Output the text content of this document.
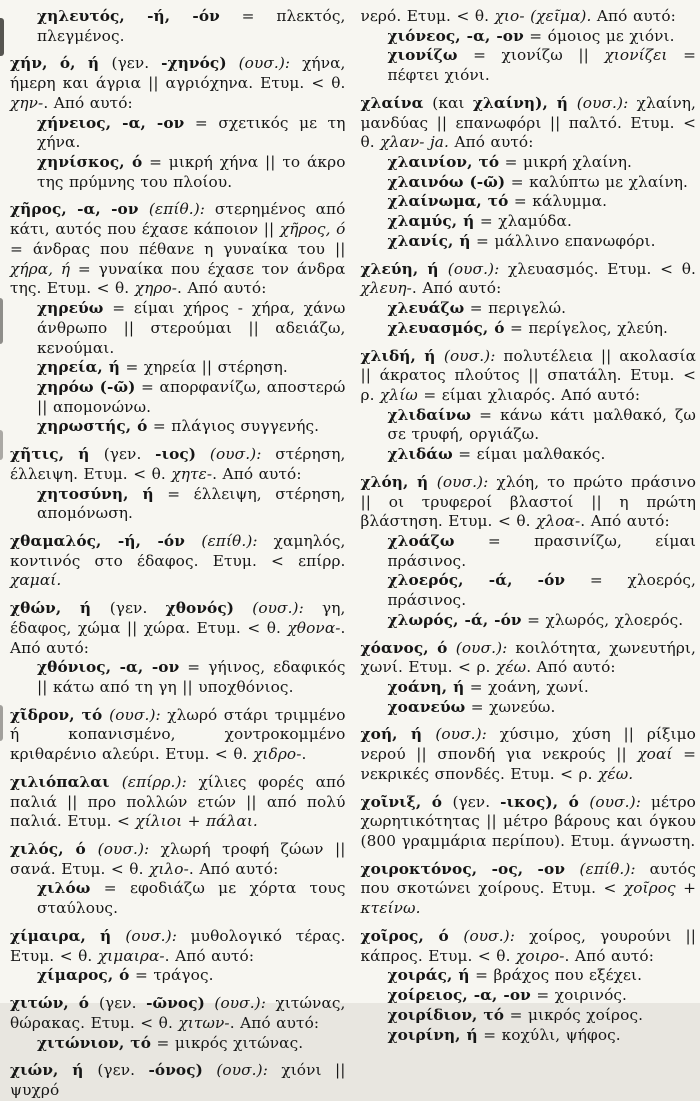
χηλευτός, -ή, -όν = πλεκτός, πλεγμένος.

χήν, ό, ή (γεν. -χηνός) (ουσ.): χήνα, ήμερη και άγρια || αγριόχηνα. Ετυμ. < θ. χην-. Από αυτό:

χήνειος, -α, -ον = σχετικός με τη χήνα.

χηνίσκος, ό = μικρή χήνα || το άκρο της πρύμνης του πλοίου.

χῆρος, -α, -ον (επίθ.): στερημένος από κάτι, αυτός που έχασε κάποιον || χῆρος, ό = άνδρας που πέθανε η γυναίκα του || χήρα, ή = γυναίκα που έχασε τον άνδρα της. Ετυμ. < θ. χηρο-. Από αυτό:

χηρεύω = είμαι χήρος - χήρα, χάνω άνθρωπο || στερούμαι || αδειάζω, κενούμαι.

χηρεία, ή = χηρεία || στέρηση.

χηρόω (-ῶ) = απορφανίζω, αποστερώ || απομονώνω.

χηρωστής, ό = πλάγιος συγγενής.

χῆτις, ή (γεν. -ιος) (ουσ.): στέρηση, έλλειψη. Ετυμ. < θ. χητε-. Από αυτό:

χητοσύνη, ή = έλλειψη, στέρηση, απομόνωση.

χθαμαλός, -ή, -όν (επίθ.): χαμηλός, κοντινός στο έδαφος. Ετυμ. < επίρρ. χαμαί.

χθών, ή (γεν. χθονός) (ουσ.): γη, έδαφος, χώμα || χώρα. Ετυμ. < θ. χθονα-. Από αυτό:

χθόνιος, -α, -ον = γήινος, εδαφικός || κάτω από τη γη || υποχθόνιος.

χῖδρον, τό (ουσ.): χλωρό στάρι τριμμένο ή κοπανισμένο, χοντροκομμένο κριθαρένιο αλεύρι. Ετυμ. < θ. χιδρο-.

χιλιόπαλαι (επίρρ.): χίλιες φορές από παλιά || προ πολλών ετών || από πολύ παλιά. Ετυμ. < χίλιοι + πάλαι.

χιλός, ό (ουσ.): χλωρή τροφή ζώων || σανά. Ετυμ. < θ. χιλο-. Από αυτό:

χιλόω = εφοδιάζω με χόρτα τους σταύλους.

χίμαιρα, ή (ουσ.): μυθολογικό τέρας. Ετυμ. < θ. χιμαιρα-. Από αυτό:

χίμαρος, ό = τράγος.

χιτών, ό (γεν. -ῶνος) (ουσ.): χιτώνας, θώρακας. Ετυμ. < θ. χιτων-. Από αυτό:

χιτώνιον, τό = μικρός χιτώνας.

χιών, ή (γεν. -όνος) (ουσ.): χιόνι || ψυχρό

νερό. Ετυμ. < θ. χιο- (χεῖμα). Από αυτό:

χιόνεος, -α, -ον = όμοιος με χιόνι.

χιονίζω = χιονίζω || χιονίζει = πέφτει χιόνι.

χλαίνα (και χλαίνη), ή (ουσ.): χλαίνη, μανδύας || επανωφόρι || παλτό. Ετυμ. < θ. χλαν- ja. Από αυτό:

χλαινίον, τό = μικρή χλαίνη.

χλαινόω (-ῶ) = καλύπτω με χλαίνη.

χλαίνωμα, τό = κάλυμμα.

χλαμύς, ή = χλαμύδα.

χλανίς, ή = μάλλινο επανωφόρι.

χλεύη, ή (ουσ.): χλευασμός. Ετυμ. < θ. χλευη-. Από αυτό:

χλευάζω = περιγελώ.

χλευασμός, ό = περίγελος, χλεύη.

χλιδή, ή (ουσ.): πολυτέλεια || ακολασία || άκρατος πλούτος || σπατάλη. Ετυμ. < ρ. χλίω = είμαι χλιαρός. Από αυτό:

χλιδαίνω = κάνω κάτι μαλθακό, ζω σε τρυφή, οργιάζω.

χλιδάω = είμαι μαλθακός.

χλόη, ή (ουσ.): χλόη, το πρώτο πράσινο || οι τρυφεροί βλαστοί || η πρώτη βλάστηση. Ετυμ. < θ. χλοα-. Από αυτό:

χλοάζω = πρασινίζω, είμαι πράσινος.

χλοερός, -ά, -όν = χλοερός, πράσινος.

χλωρός, -ά, -όν = χλωρός, χλοερός.

χόανος, ό (ουσ.): κοιλότητα, χωνευτήρι, χωνί. Ετυμ. < ρ. χέω. Από αυτό:

χοάνη, ή = χοάνη, χωνί.

χοανεύω = χωνεύω.

χοή, ή (ουσ.): χύσιμο, χύση || ρίξιμο νερού || σπονδή για νεκρούς || χοαί = νεκρικές σπονδές. Ετυμ. < ρ. χέω.

χοῖνιξ, ό (γεν. -ικος), ό (ουσ.): μέτρο χωρητικότητας || μέτρο βάρους και όγκου (800 γραμμάρια περίπου). Ετυμ. άγνωστη.

χοιροκτόνος, -ος, -ον (επίθ.): αυτός που σκοτώνει χοίρους. Ετυμ. < χοῖρος + κτείνω.

χοῖρος, ό (ουσ.): χοίρος, γουρούνι || κάπρος. Ετυμ. < θ. χοιρο-. Από αυτό:

χοιράς, ή = βράχος που εξέχει.

χοίρειος, -α, -ον = χοιρινός.

χοιρίδιον, τό = μικρός χοίρος.

χοιρίνη, ή = κοχύλι, ψήφος.
